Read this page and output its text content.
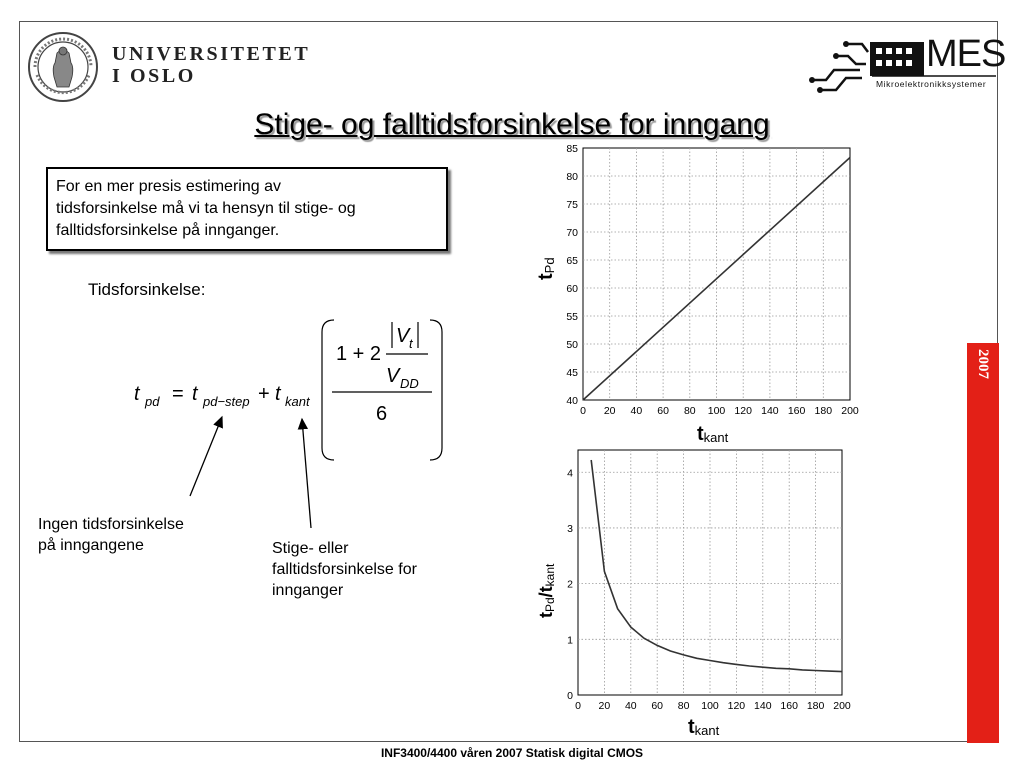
UNIVERSITETET
I OSLO
MES
Mikroelektronikksystemer
Stige- og falltidsforsinkelse for inngang
For en mer presis estimering av
tidsforsinkelse må vi ta hensyn til stige- og
falltidsforsinkelse på innganger.
Tidsforsinkelse:
t pd = t pd−step + t kant
1 + 2
V t
V DD
6
Ingen tidsforsinkelse
på inngangene	Stige- eller
falltidsforsinkelse for
innganger
0 20 40 60 80 100 120 140 160 180 200
40
45
50
55
60
65
70
75
80
85
tPd
tkant
0 20 40 60 80 100 120 140 160 180 200
0
1
2
3
4
tPd/tkant
tkant
2007
INF3400/4400 våren 2007 Statisk digital CMOS
